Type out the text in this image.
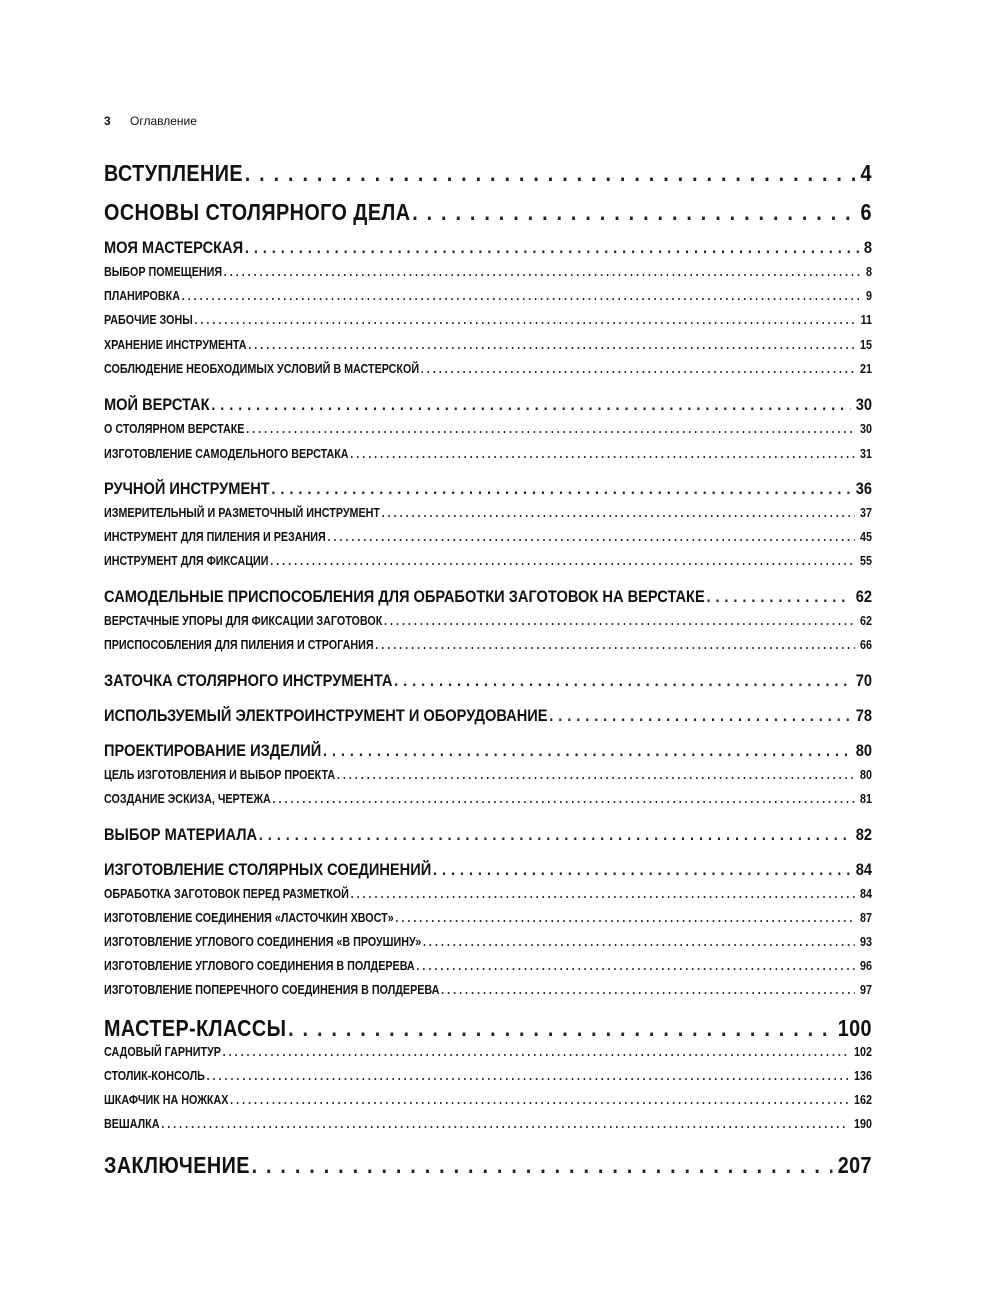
3 Оглавление
ВСТУПЛЕНИЕ . . .	4
ОСНОВЫ СТОЛЯРНОГО ДЕЛА . . .	6
МОЯ МАСТЕРСКАЯ . . .	8
ВЫБОР ПОМЕЩЕНИЯ . . .	8
ПЛАНИРОВКА . . .	9
РАБОЧИЕ ЗОНЫ . . .	11
ХРАНЕНИЕ ИНСТРУМЕНТА . . .	15
СОБЛЮДЕНИЕ НЕОБХОДИМЫХ УСЛОВИЙ В МАСТЕРСКОЙ . . .	21
МОЙ ВЕРСТАК . . .	30
О СТОЛЯРНОМ ВЕРСТАКЕ . . .	30
ИЗГОТОВЛЕНИЕ САМОДЕЛЬНОГО ВЕРСТАКА . . .	31
РУЧНОЙ ИНСТРУМЕНТ . . .	36
ИЗМЕРИТЕЛЬНЫЙ И РАЗМЕТОЧНЫЙ ИНСТРУМЕНТ . . .	37
ИНСТРУМЕНТ ДЛЯ ПИЛЕНИЯ И РЕЗАНИЯ . . .	45
ИНСТРУМЕНТ ДЛЯ ФИКСАЦИИ . . .	55
САМОДЕЛЬНЫЕ ПРИСПОСОБЛЕНИЯ ДЛЯ ОБРАБОТКИ ЗАГОТОВОК НА ВЕРСТАКЕ . . .	62
ВЕРСТАЧНЫЕ УПОРЫ ДЛЯ ФИКСАЦИИ ЗАГОТОВОК . . .	62
ПРИСПОСОБЛЕНИЯ ДЛЯ ПИЛЕНИЯ И СТРОГАНИЯ . . .	66
ЗАТОЧКА СТОЛЯРНОГО ИНСТРУМЕНТА . . .	70
ИСПОЛЬЗУЕМЫЙ ЭЛЕКТРОИНСТРУМЕНТ И ОБОРУДОВАНИЕ . . .	78
ПРОЕКТИРОВАНИЕ ИЗДЕЛИЙ . . .	80
ЦЕЛЬ ИЗГОТОВЛЕНИЯ И ВЫБОР ПРОЕКТА . . .	80
СОЗДАНИЕ ЭСКИЗА, ЧЕРТЕЖА . . .	81
ВЫБОР МАТЕРИАЛА . . .	82
ИЗГОТОВЛЕНИЕ СТОЛЯРНЫХ СОЕДИНЕНИЙ . . .	84
ОБРАБОТКА ЗАГОТОВОК ПЕРЕД РАЗМЕТКОЙ . . .	84
ИЗГОТОВЛЕНИЕ СОЕДИНЕНИЯ «ЛАСТОЧКИН ХВОСТ» . . .	87
ИЗГОТОВЛЕНИЕ УГЛОВОГО СОЕДИНЕНИЯ «В ПРОУШИНУ» . . .	93
ИЗГОТОВЛЕНИЕ УГЛОВОГО СОЕДИНЕНИЯ В ПОЛДЕРЕВА . . .	96
ИЗГОТОВЛЕНИЕ ПОПЕРЕЧНОГО СОЕДИНЕНИЯ В ПОЛДЕРЕВА . . .	97
МАСТЕР-КЛАССЫ . . .	100
САДОВЫЙ ГАРНИТУР . . .	102
СТОЛИК-КОНСОЛЬ . . .	136
ШКАФЧИК НА НОЖКАХ . . .	162
ВЕШАЛКА . . .	190
ЗАКЛЮЧЕНИЕ . . .	207
